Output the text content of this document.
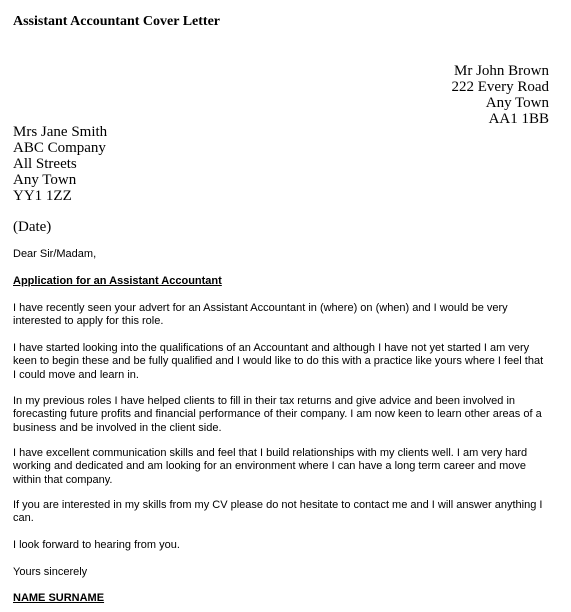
Assistant Accountant Cover Letter
Mr John Brown
222 Every Road
Any Town
AA1 1BB
Mrs Jane Smith
ABC Company
All Streets
Any Town
YY1 1ZZ
(Date)
Dear Sir/Madam,
Application for an Assistant Accountant
I have recently seen your advert for an Assistant Accountant in (where) on (when) and I would be very
interested to apply for this role.
I have started looking into the qualifications of an Accountant and although I have not yet started I am very
keen to begin these and be fully qualified and I would like to do this with a practice like yours where I feel that
I could move and learn in.
In my previous roles I have helped clients to fill in their tax returns and give advice and been involved in
forecasting future profits and financial performance of their company. I am now keen to learn other areas of a
business and be involved in the client side.
I have excellent communication skills and feel that I build relationships with my clients well. I am very hard
working and dedicated and am looking for an environment where I can have a long term career and move
within that company.
If you are interested in my skills from my CV please do not hesitate to contact me and I will answer anything I
can.
I look forward to hearing from you.
Yours sincerely
NAME SURNAME
